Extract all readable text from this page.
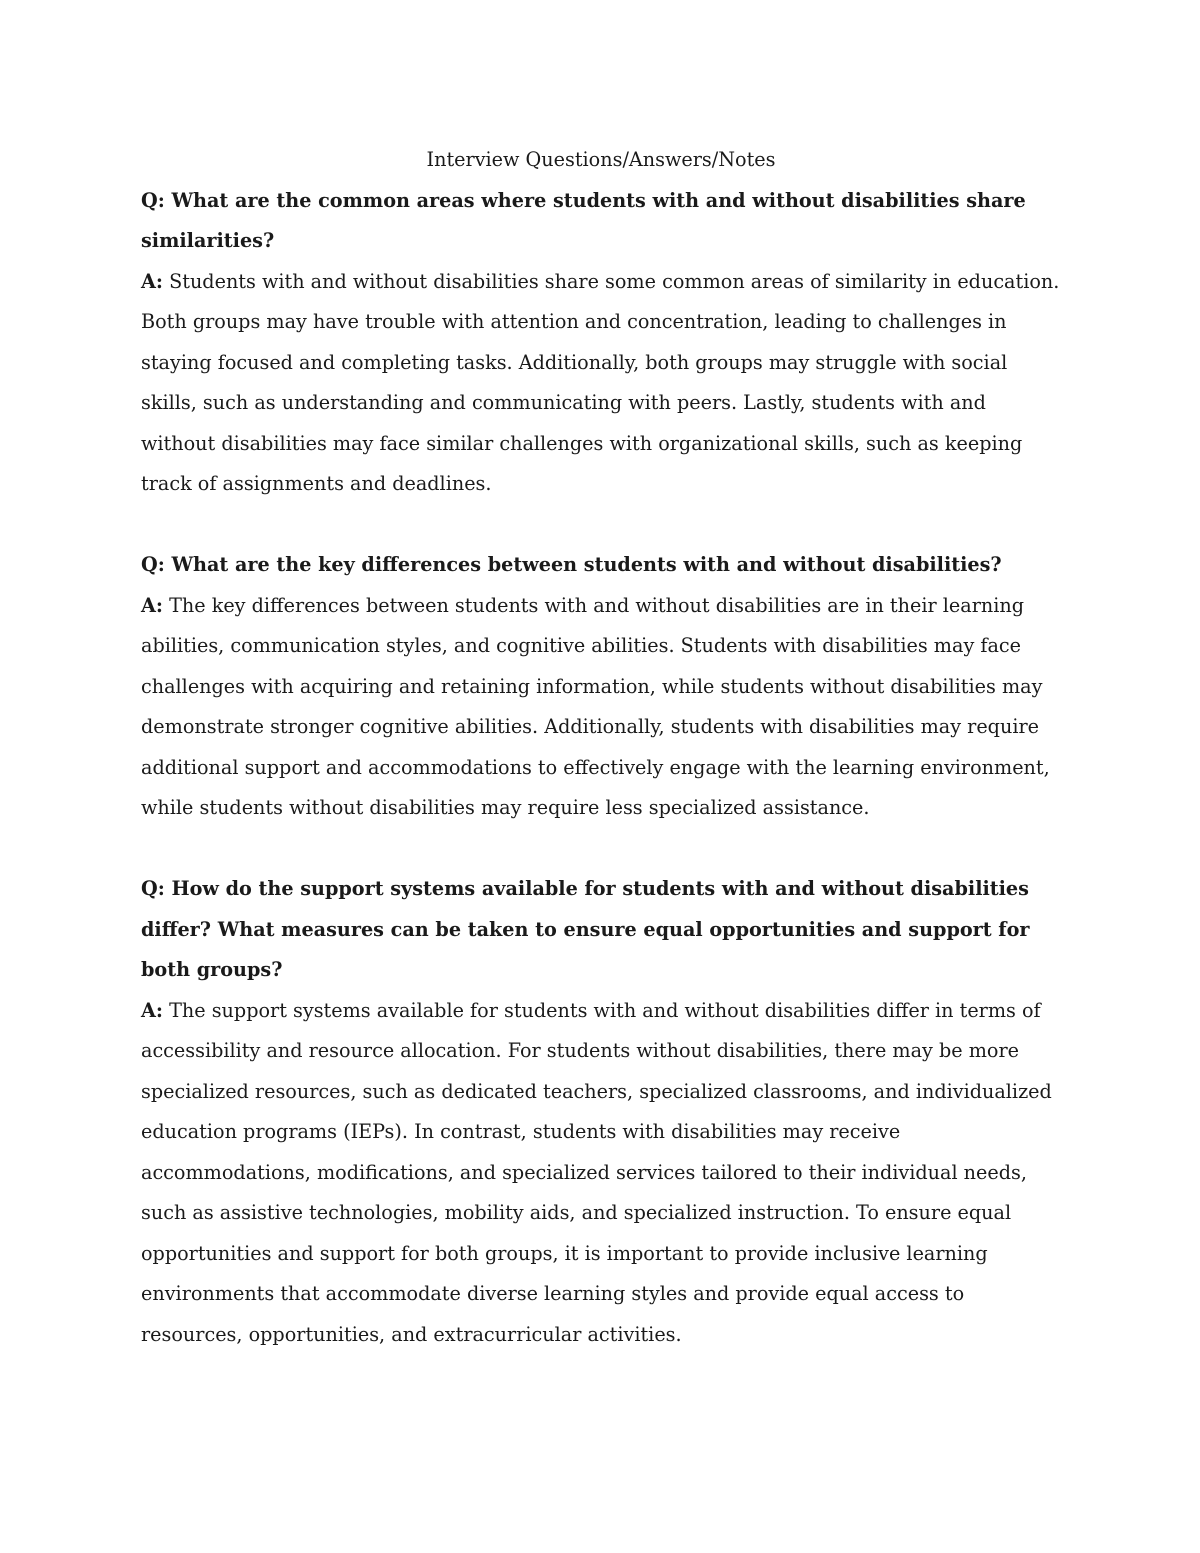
Interview Questions/Answers/Notes

Q: What are the common areas where students with and without disabilities share similarities?

A: Students with and without disabilities share some common areas of similarity in education. Both groups may have trouble with attention and concentration, leading to challenges in staying focused and completing tasks. Additionally, both groups may struggle with social skills, such as understanding and communicating with peers. Lastly, students with and without disabilities may face similar challenges with organizational skills, such as keeping track of assignments and deadlines.

Q: What are the key differences between students with and without disabilities?

A: The key differences between students with and without disabilities are in their learning abilities, communication styles, and cognitive abilities. Students with disabilities may face challenges with acquiring and retaining information, while students without disabilities may demonstrate stronger cognitive abilities. Additionally, students with disabilities may require additional support and accommodations to effectively engage with the learning environment, while students without disabilities may require less specialized assistance.

Q: How do the support systems available for students with and without disabilities differ? What measures can be taken to ensure equal opportunities and support for both groups?

A: The support systems available for students with and without disabilities differ in terms of accessibility and resource allocation. For students without disabilities, there may be more specialized resources, such as dedicated teachers, specialized classrooms, and individualized education programs (IEPs). In contrast, students with disabilities may receive accommodations, modifications, and specialized services tailored to their individual needs, such as assistive technologies, mobility aids, and specialized instruction. To ensure equal opportunities and support for both groups, it is important to provide inclusive learning environments that accommodate diverse learning styles and provide equal access to resources, opportunities, and extracurricular activities.
